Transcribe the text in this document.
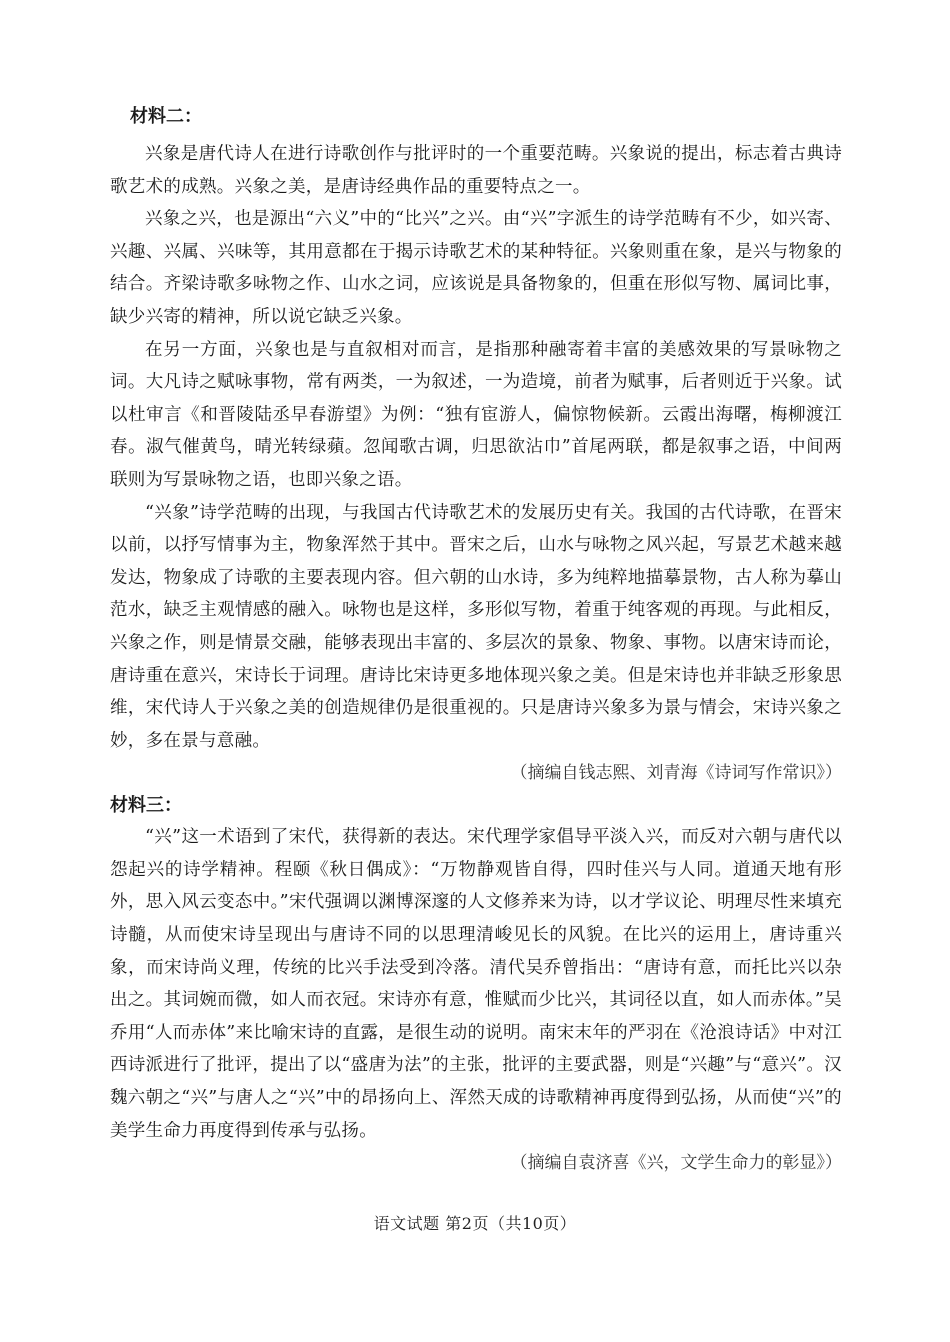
材料二：

兴象是唐代诗人在进行诗歌创作与批评时的一个重要范畴。兴象说的提出，标志着古典诗歌艺术的成熟。兴象之美，是唐诗经典作品的重要特点之一。

兴象之兴，也是源出“六义”中的“比兴”之兴。由“兴”字派生的诗学范畴有不少，如兴寄、兴趣、兴属、兴味等，其用意都在于揭示诗歌艺术的某种特征。兴象则重在象，是兴与物象的结合。齐梁诗歌多咏物之作、山水之词，应该说是具备物象的，但重在形似写物、属词比事，缺少兴寄的精神，所以说它缺乏兴象。

在另一方面，兴象也是与直叙相对而言，是指那种融寄着丰富的美感效果的写景咏物之词。大凡诗之赋咏事物，常有两类，一为叙述，一为造境，前者为赋事，后者则近于兴象。试以杜审言《和晋陵陆丞早春游望》为例：“独有宦游人，偏惊物候新。云霞出海曙，梅柳渡江春。淑气催黄鸟，晴光转绿蘋。忽闻歌古调，归思欲沾巾”首尾两联，都是叙事之语，中间两联则为写景咏物之语，也即兴象之语。

“兴象”诗学范畴的出现，与我国古代诗歌艺术的发展历史有关。我国的古代诗歌，在晋宋以前，以抒写情事为主，物象浑然于其中。晋宋之后，山水与咏物之风兴起，写景艺术越来越发达，物象成了诗歌的主要表现内容。但六朝的山水诗，多为纯粹地描摹景物，古人称为摹山范水，缺乏主观情感的融入。咏物也是这样，多形似写物，着重于纯客观的再现。与此相反，兴象之作，则是情景交融，能够表现出丰富的、多层次的景象、物象、事物。以唐宋诗而论，唐诗重在意兴，宋诗长于词理。唐诗比宋诗更多地体现兴象之美。但是宋诗也并非缺乏形象思维，宋代诗人于兴象之美的创造规律仍是很重视的。只是唐诗兴象多为景与情会，宋诗兴象之妙，多在景与意融。

（摘编自钱志熙、刘青海《诗词写作常识》）

材料三：

“兴”这一术语到了宋代，获得新的表达。宋代理学家倡导平淡入兴，而反对六朝与唐代以怨起兴的诗学精神。程颐《秋日偶成》：“万物静观皆自得，四时佳兴与人同。道通天地有形外，思入风云变态中。”宋代强调以渊博深邃的人文修养来为诗，以才学议论、明理尽性来填充诗髓，从而使宋诗呈现出与唐诗不同的以思理清峻见长的风貌。在比兴的运用上，唐诗重兴象，而宋诗尚义理，传统的比兴手法受到冷落。清代吴乔曾指出：“唐诗有意，而托比兴以杂出之。其词婉而微，如人而衣冠。宋诗亦有意，惟赋而少比兴，其词径以直，如人而赤体。”吴乔用“人而赤体”来比喻宋诗的直露，是很生动的说明。南宋末年的严羽在《沧浪诗话》中对江西诗派进行了批评，提出了以“盛唐为法”的主张，批评的主要武器，则是“兴趣”与“意兴”。汉魏六朝之“兴”与唐人之“兴”中的昂扬向上、浑然天成的诗歌精神再度得到弘扬，从而使“兴”的美学生命力再度得到传承与弘扬。

（摘编自袁济喜《兴，文学生命力的彰显》）

语文试题 第2页（共10页）
